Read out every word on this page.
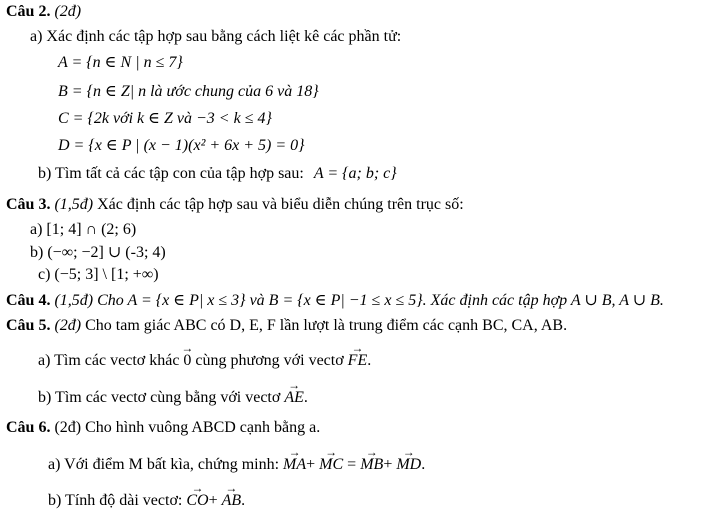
Câu 2. (2đ)
a) Xác định các tập hợp sau bằng cách liệt kê các phần tử:
A = {n ∈ N | n ≤ 7}
B = {n ∈ Z| n là ước chung của 6 và 18}
C = {2k với k ∈ Z và −3 < k ≤ 4}
D = {x ∈ P | (x − 1)(x² + 6x + 5) = 0}
b) Tìm tất cả các tập con của tập hợp sau: A = {a; b; c}
Câu 3. (1,5đ) Xác định các tập hợp sau và biểu diễn chúng trên trục số:
a) [1; 4] ∩ (2; 6)
b) (−∞; −2] ∪ (-3; 4)
c) (−5; 3] \ [1; +∞)
Câu 4. (1,5đ) Cho A = {x ∈ P| x ≤ 3} và B = {x ∈ P| −1 ≤ x ≤ 5}. Xác định các tập hợp A ∪ B, A ∪ B.
Câu 5. (2đ) Cho tam giác ABC có D, E, F lần lượt là trung điểm các cạnh BC, CA, AB.
a) Tìm các vectơ khác → 0 cùng phương với vectơ → FE.
b) Tìm các vectơ cùng bằng với vectơ → AE.
Câu 6. (2đ) Cho hình vuông ABCD cạnh bằng a.
a) Với điểm M bất kìa, chứng minh: → MA+ → MC = → MB+ → MD.
b) Tính độ dài vectơ: → CO+ → AB.
